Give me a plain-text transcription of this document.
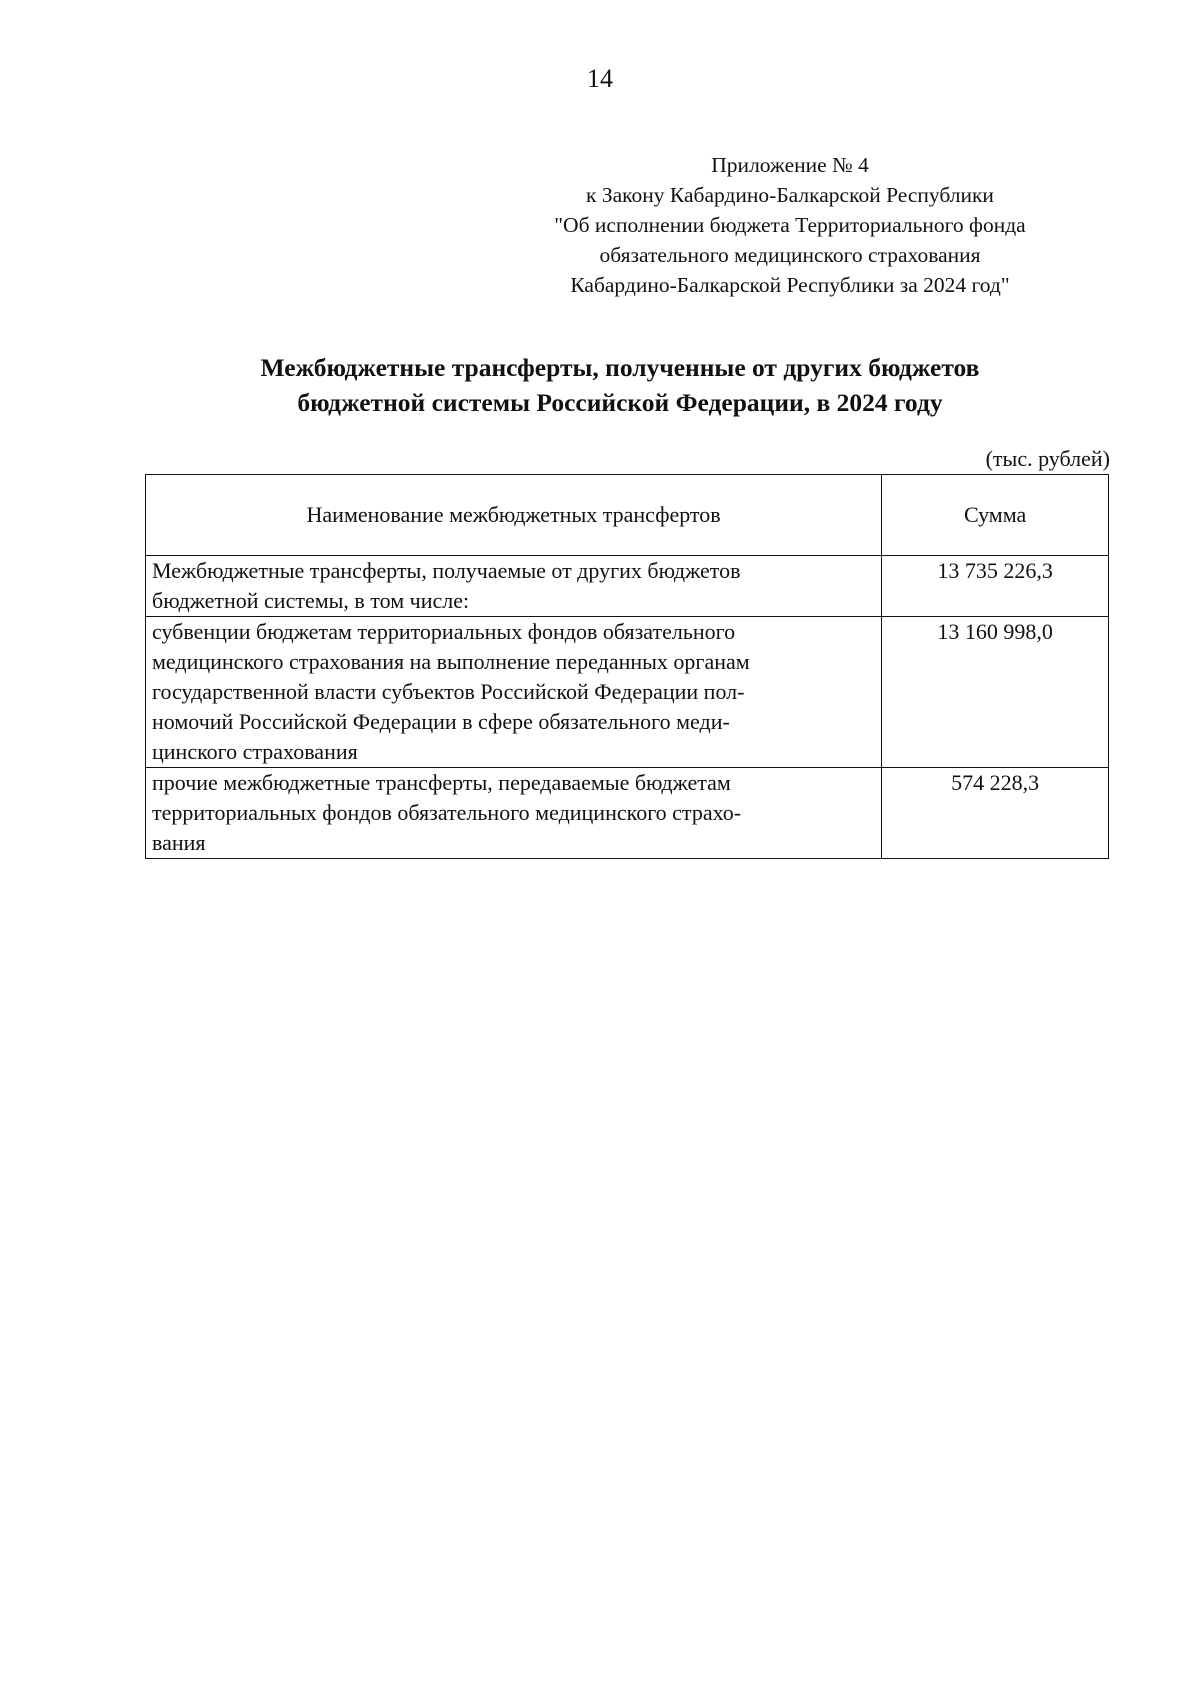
14
Приложение № 4
к Закону Кабардино-Балкарской Республики
"Об исполнении бюджета Территориального фонда
обязательного медицинского страхования
Кабардино-Балкарской Республики за 2024 год"
Межбюджетные трансферты, полученные от других бюджетов
бюджетной системы Российской Федерации, в 2024 году
(тыс. рублей)
Наименование межбюджетных трансфертов	Сумма

Межбюджетные трансферты, получаемые от других бюджетов
бюджетной системы, в том числе:	13 735 226,3

субвенции бюджетам территориальных фондов обязательного
медицинского страхования на выполнение переданных органам
государственной власти субъектов Российской Федерации пол-
номочий Российской Федерации в сфере обязательного меди-
цинского страхования	13 160 998,0

прочие межбюджетные трансферты, передаваемые бюджетам
территориальных фондов обязательного медицинского страхо-
вания	574 228,3
